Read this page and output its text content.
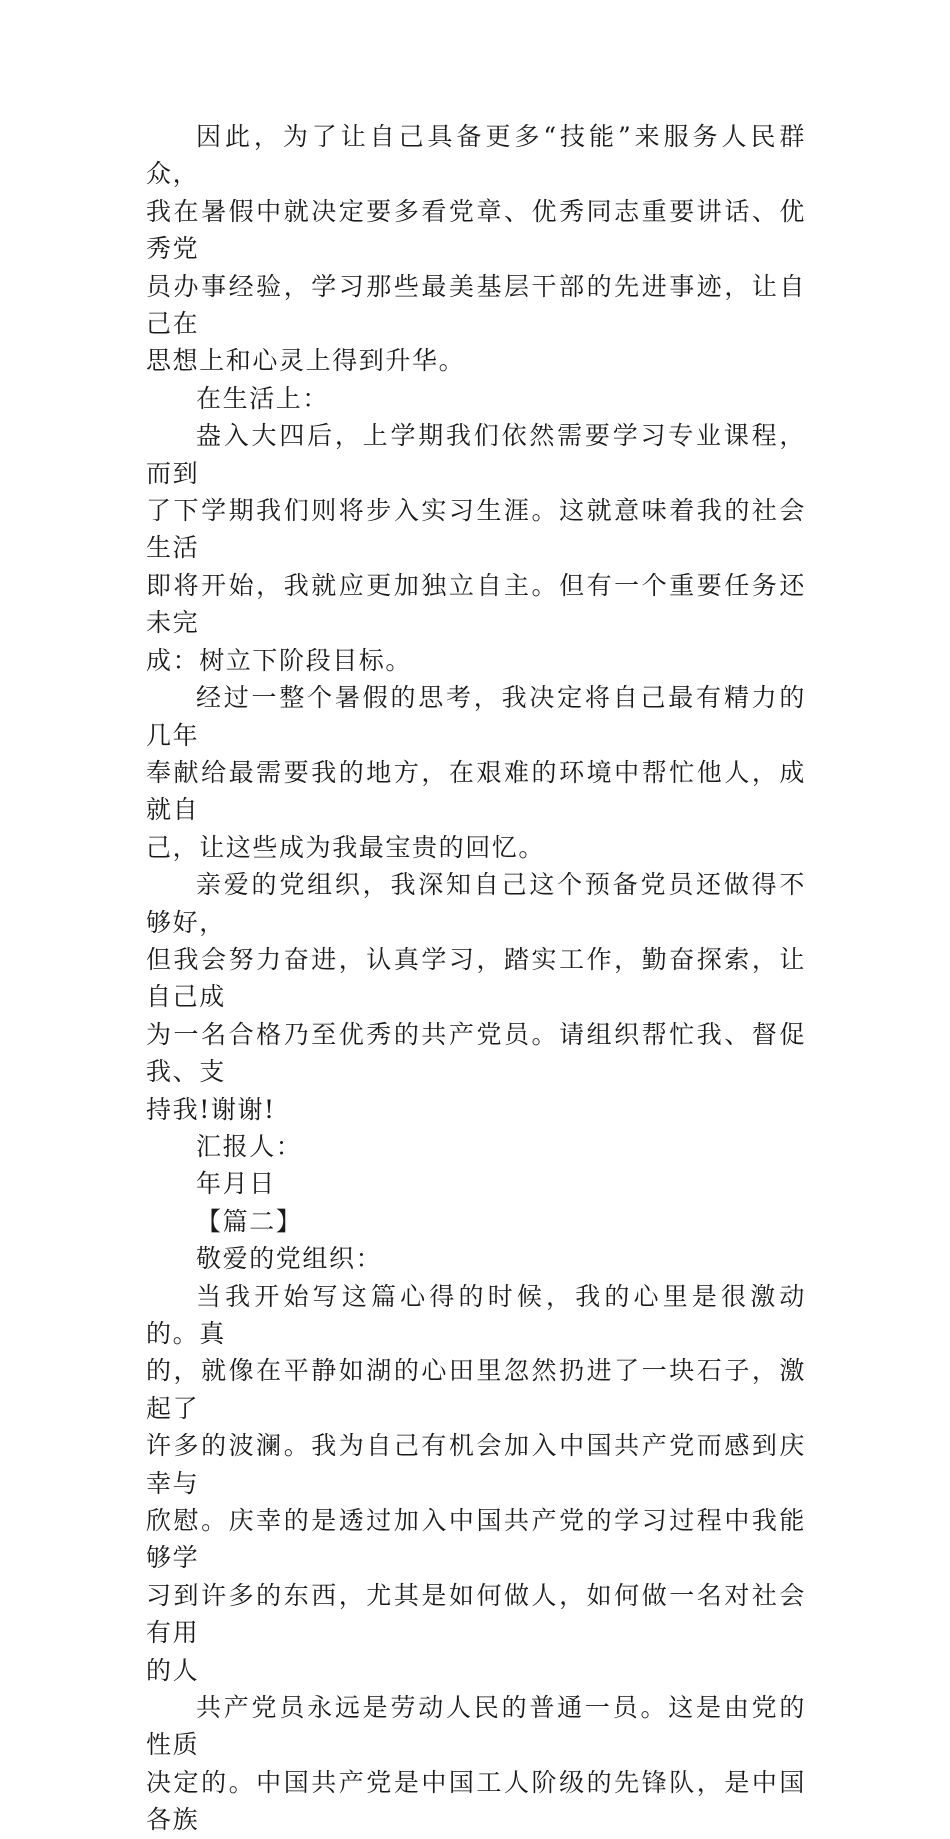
因此，为了让自己具备更多“技能”来服务人民群众，
我在暑假中就决定要多看党章、优秀同志重要讲话、优秀党
员办事经验，学习那些最美基层干部的先进事迹，让自己在
思想上和心灵上得到升华。

在生活上：

盎入大四后，上学期我们依然需要学习专业课程，而到
了下学期我们则将步入实习生涯。这就意味着我的社会生活
即将开始，我就应更加独立自主。但有一个重要任务还未完
成：树立下阶段目标。

经过一整个暑假的思考，我决定将自己最有精力的几年
奉献给最需要我的地方，在艰难的环境中帮忙他人，成就自
己，让这些成为我最宝贵的回忆。

亲爱的党组织，我深知自己这个预备党员还做得不够好，
但我会努力奋进，认真学习，踏实工作，勤奋探索，让自己成
为一名合格乃至优秀的共产党员。请组织帮忙我、督促我、支
持我!谢谢!

汇报人：

年月日

【篇二】

敬爱的党组织：

当我开始写这篇心得的时候，我的心里是很激动的。真
的，就像在平静如湖的心田里忽然扔进了一块石子，激起了
许多的波澜。我为自己有机会加入中国共产党而感到庆幸与
欣慰。庆幸的是透过加入中国共产党的学习过程中我能够学
习到许多的东西，尤其是如何做人，如何做一名对社会有用
的人

共产党员永远是劳动人民的普通一员。这是由党的性质
决定的。中国共产党是中国工人阶级的先锋队，是中国各族
